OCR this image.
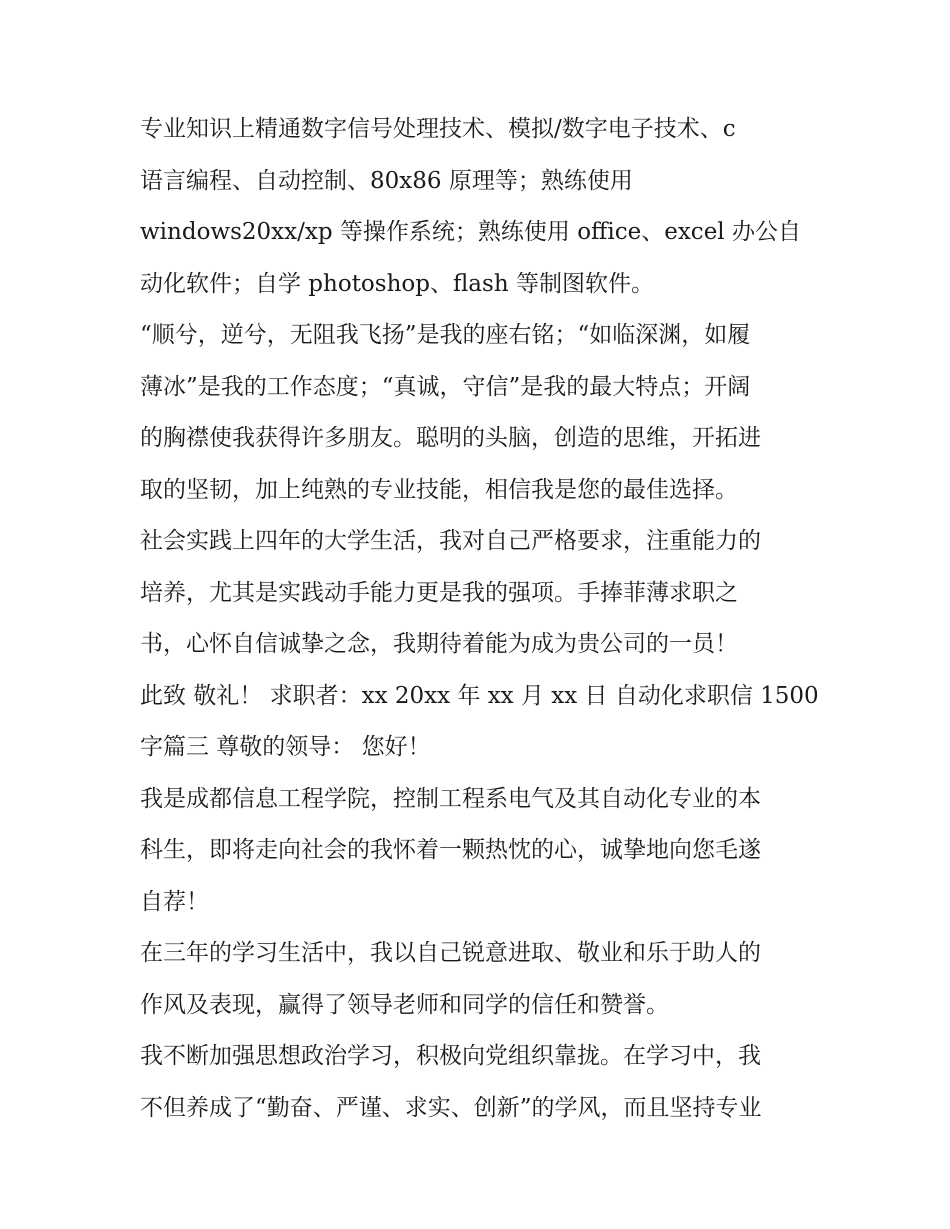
专业知识上精通数字信号处理技术、模拟/数字电子技术、c
语言编程、自动控制、80x86 原理等；熟练使用
windows20xx/xp 等操作系统；熟练使用 office、excel 办公自
动化软件；自学 photoshop、flash 等制图软件。

“顺兮，逆兮，无阻我飞扬”是我的座右铭；“如临深渊，如履
薄冰”是我的工作态度；“真诚，守信”是我的最大特点；开阔
的胸襟使我获得许多朋友。聪明的头脑，创造的思维，开拓进
取的坚韧，加上纯熟的专业技能，相信我是您的最佳选择。

社会实践上四年的大学生活，我对自己严格要求，注重能力的
培养，尤其是实践动手能力更是我的强项。手捧菲薄求职之
书，心怀自信诚挚之念，我期待着能为成为贵公司的一员！

此致 敬礼！ 求职者：xx 20xx 年 xx 月 xx 日 自动化求职信 1500
字篇三 尊敬的领导： 您好！

我是成都信息工程学院，控制工程系电气及其自动化专业的本
科生，即将走向社会的我怀着一颗热忱的心，诚挚地向您毛遂
自荐！

在三年的学习生活中，我以自己锐意进取、敬业和乐于助人的
作风及表现，赢得了领导老师和同学的信任和赞誉。

我不断加强思想政治学习，积极向党组织靠拢。在学习中，我
不但养成了“勤奋、严谨、求实、创新”的学风，而且坚持专业
